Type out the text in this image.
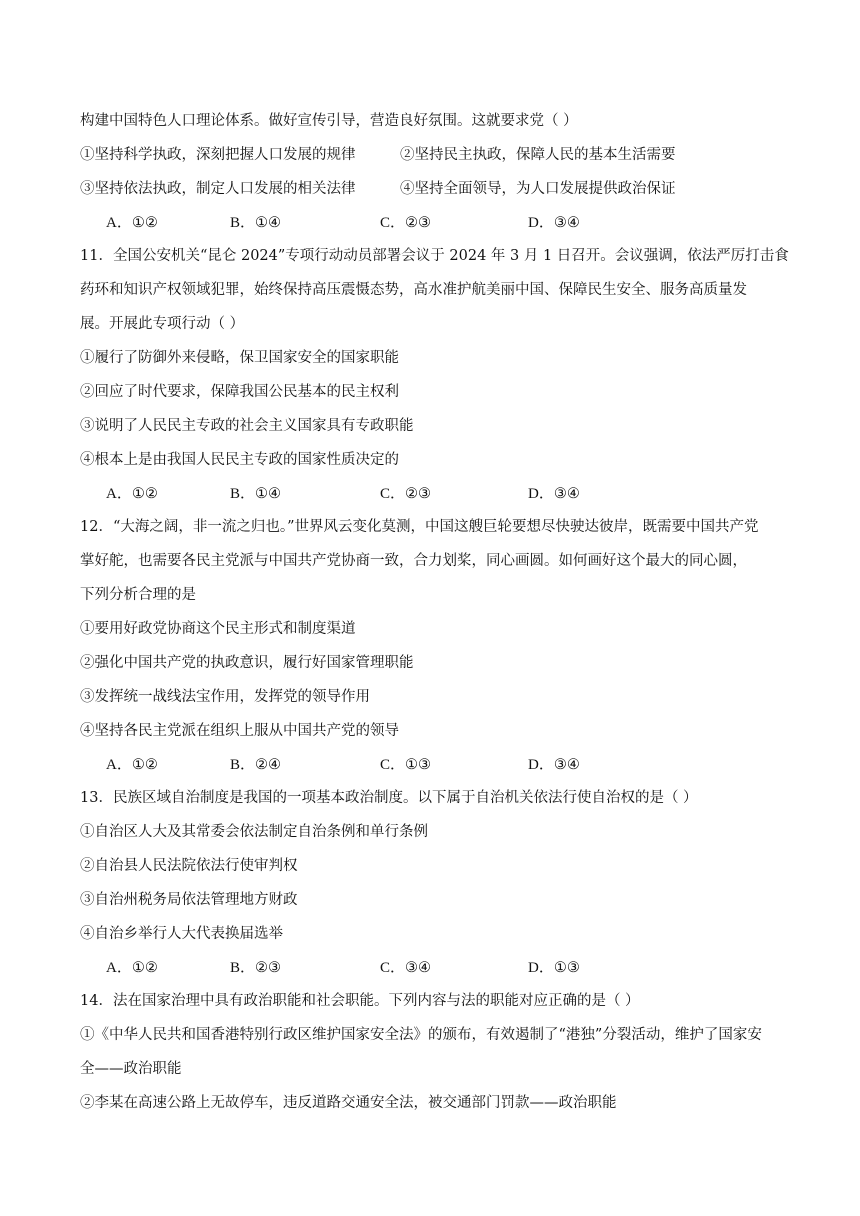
构建中国特色人口理论体系。做好宣传引导，营造良好氛围。这就要求党（ ）
①坚持科学执政，深刻把握人口发展的规律	②坚持民主执政，保障人民的基本生活需要
③坚持依法执政，制定人口发展的相关法律	④坚持全面领导，为人口发展提供政治保证
A．①②	B．①④	C．②③	D．③④
11．全国公安机关“昆仑 2024”专项行动动员部署会议于 2024 年 3 月 1 日召开。会议强调，依法严厉打击食
药环和知识产权领域犯罪，始终保持高压震慑态势，高水准护航美丽中国、保障民生安全、服务高质量发
展。开展此专项行动（ ）
①履行了防御外来侵略，保卫国家安全的国家职能
②回应了时代要求，保障我国公民基本的民主权利
③说明了人民民主专政的社会主义国家具有专政职能
④根本上是由我国人民民主专政的国家性质决定的
A．①②	B．①④	C．②③	D．③④
12．“大海之阔，非一流之归也。”世界风云变化莫测，中国这艘巨轮要想尽快驶达彼岸，既需要中国共产党
掌好舵，也需要各民主党派与中国共产党协商一致，合力划桨，同心画圆。如何画好这个最大的同心圆，
下列分析合理的是
①要用好政党协商这个民主形式和制度渠道
②强化中国共产党的执政意识，履行好国家管理职能
③发挥统一战线法宝作用，发挥党的领导作用
④坚持各民主党派在组织上服从中国共产党的领导
A．①②	B．②④	C．①③	D．③④
13．民族区域自治制度是我国的一项基本政治制度。以下属于自治机关依法行使自治权的是（ ）
①自治区人大及其常委会依法制定自治条例和单行条例
②自治县人民法院依法行使审判权
③自治州税务局依法管理地方财政
④自治乡举行人大代表换届选举
A．①②	B．②③	C．③④	D．①③
14．法在国家治理中具有政治职能和社会职能。下列内容与法的职能对应正确的是（ ）
①《中华人民共和国香港特别行政区维护国家安全法》的颁布，有效遏制了“港独”分裂活动，维护了国家安
全——政治职能
②李某在高速公路上无故停车，违反道路交通安全法，被交通部门罚款——政治职能
